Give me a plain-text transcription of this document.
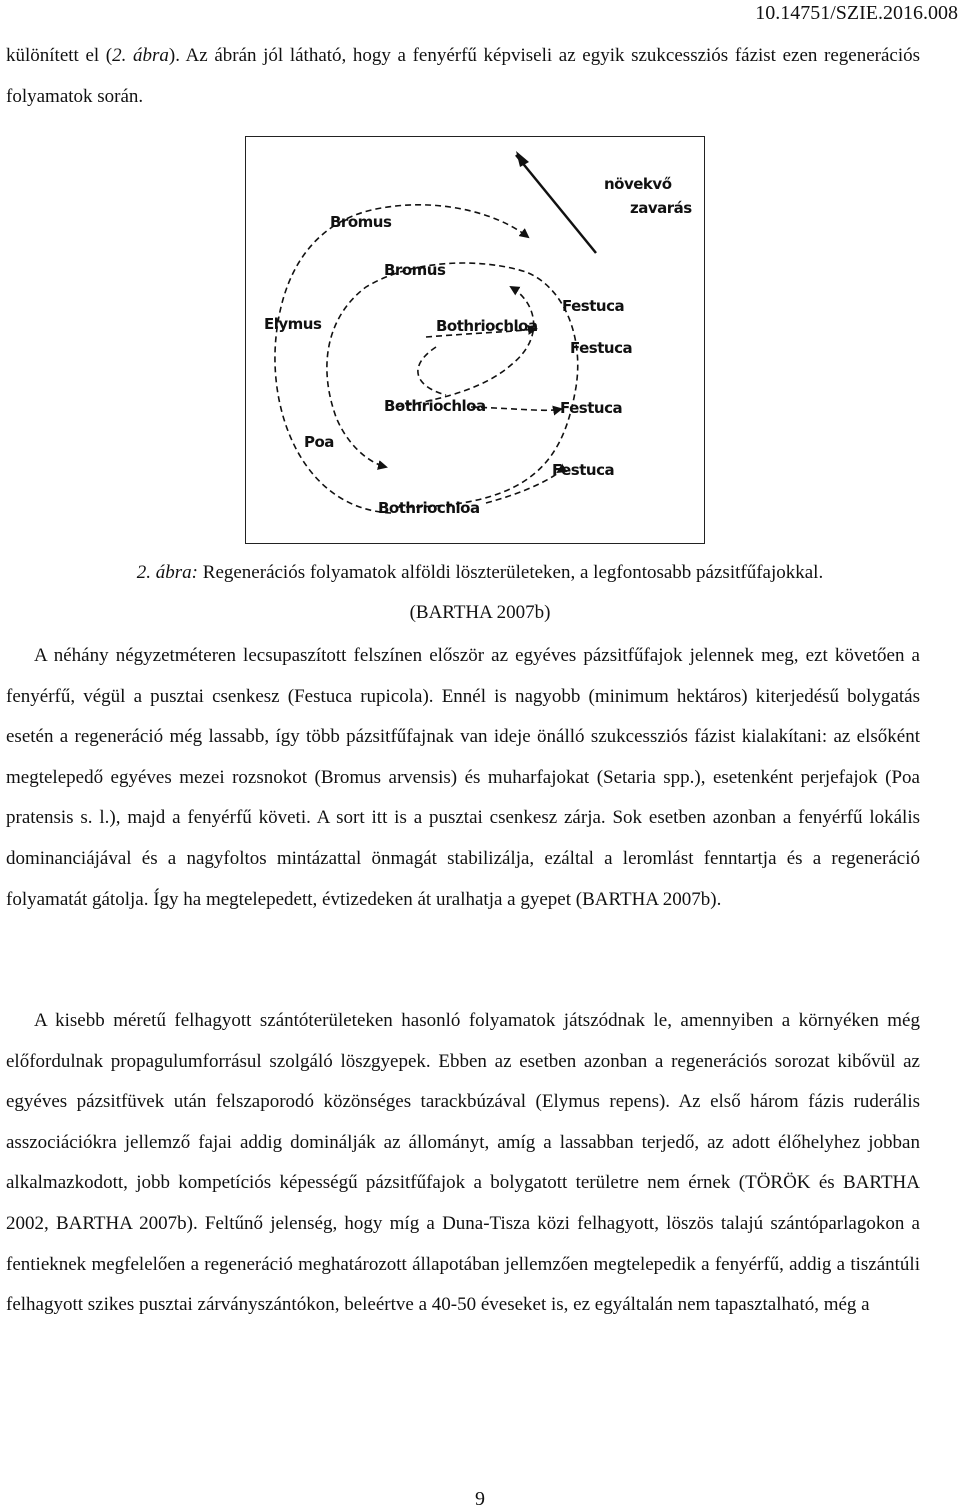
10.14751/SZIE.2016.008

különített el (2. ábra). Az ábrán jól látható, hogy a fenyérfű képviseli az egyik szukcessziós fázist ezen regenerációs folyamatok során.

növekvő
zavarás
Bromus
Bromus
Elymus
Festuca
Bothriochloa
Festuca
Bothriochloa	Festuca
Poa
Festuca
Bothriochloa
2. ábra: Regenerációs folyamatok alföldi löszterületeken, a legfontosabb pázsitfűfajokkal.
(BARTHA 2007b)

A néhány négyzetméteren lecsupaszított felszínen először az egyéves pázsitfűfajok jelennek meg, ezt követően a fenyérfű, végül a pusztai csenkesz (Festuca rupicola). Ennél is nagyobb (minimum hektáros) kiterjedésű bolygatás esetén a regeneráció még lassabb, így több pázsitfűfajnak van ideje önálló szukcessziós fázist kialakítani: az elsőként megtelepedő egyéves mezei rozsnokot (Bromus arvensis) és muharfajokat (Setaria spp.), esetenként perjefajok (Poa pratensis s. l.), majd a fenyérfű követi. A sort itt is a pusztai csenkesz zárja. Sok esetben azonban a fenyérfű lokális dominanciájával és a nagyfoltos mintázattal önmagát stabilizálja, ezáltal a leromlást fenntartja és a regeneráció folyamatát gátolja. Így ha megtelepedett, évtizedeken át uralhatja a gyepet (BARTHA 2007b).

A kisebb méretű felhagyott szántóterületeken hasonló folyamatok játszódnak le, amennyiben a környéken még előfordulnak propagulumforrásul szolgáló löszgyepek. Ebben az esetben azonban a regenerációs sorozat kibővül az egyéves pázsitfüvek után felszaporodó közönséges tarackbúzával (Elymus repens). Az első három fázis ruderális asszociációkra jellemző fajai addig dominálják az állományt, amíg a lassabban terjedő, az adott élőhelyhez jobban alkalmazkodott, jobb kompetíciós képességű pázsitfűfajok a bolygatott területre nem érnek (TÖRÖK és BARTHA 2002, BARTHA 2007b). Feltűnő jelenség, hogy míg a Duna-Tisza közi felhagyott, löszös talajú szántóparlagokon a fentieknek megfelelően a regeneráció meghatározott állapotában jellemzően megtelepedik a fenyérfű, addig a tiszántúli felhagyott szikes pusztai zárványszántókon, beleértve a 40-50 éveseket is, ez egyáltalán nem tapasztalható, még a

9
